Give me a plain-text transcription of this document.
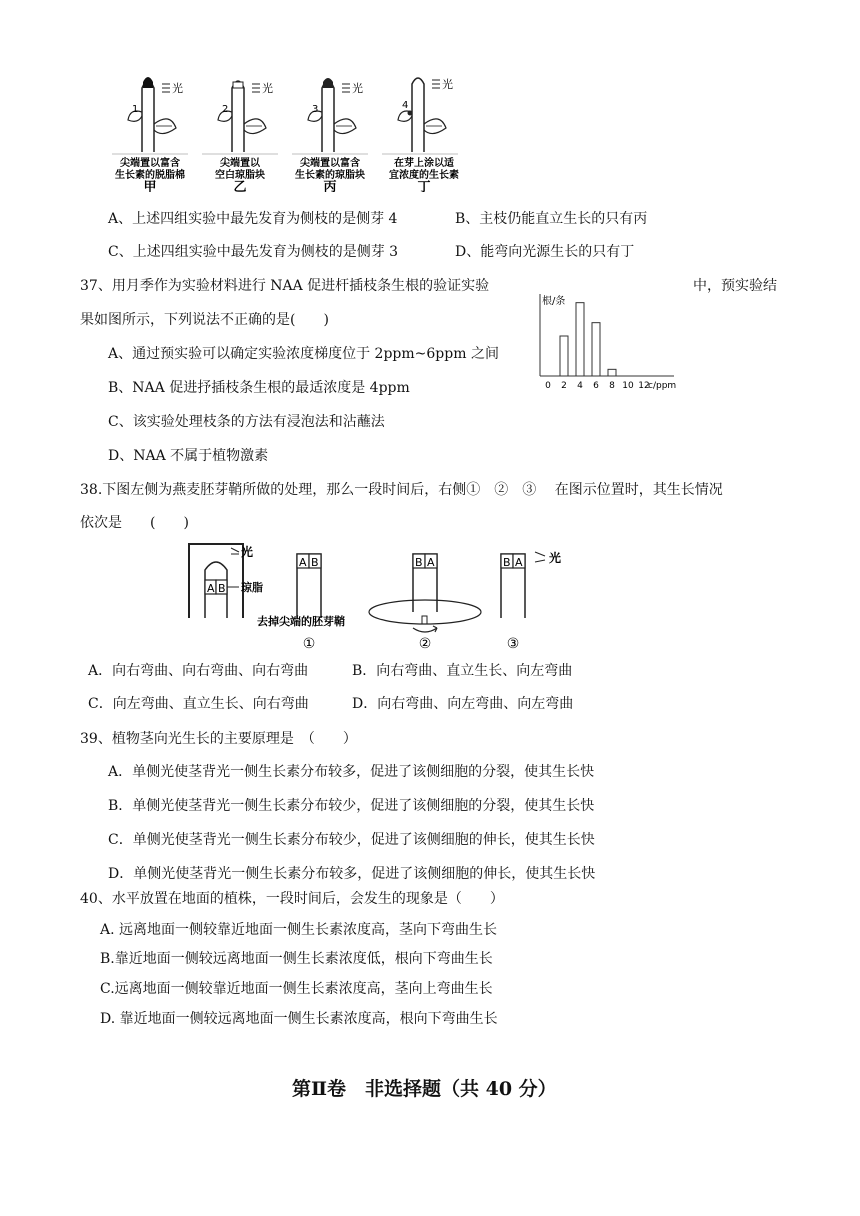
1
光
尖端置以富含
生长素的脱脂棉
甲
2
光
尖端置以
空白琼脂块
乙
3
光
尖端置以富含
生长素的琼脂块
丙
4
光
在芽上涂以适
宜浓度的生长素
丁
A、上述四组实验中最先发育为侧枝的是侧芽 4	B、主枝仍能直立生长的只有丙
C、上述四组实验中最先发育为侧枝的是侧芽 3	D、能弯向光源生长的只有丁
37、用月季作为实验材料进行 NAA 促进杆插枝条生根的验证实验	中，预实验结
果如图所示，下列说法不正确的是(　　)
A、通过预实验可以确定实验浓度梯度位于 2ppm~6ppm 之间
B、NAA 促进抒插枝条生根的最适浓度是 4ppm
C、该实验处理枝条的方法有浸泡法和沾蘸法
D、NAA 不属于植物激素
根/条
c/ppm
0 2 4 6 8 10 12
38.下图左侧为燕麦胚芽鞘所做的处理，那么一段时间后，右侧①　②　③　 在图示位置时，其生长情况
依次是　　(　　)
A B 琼脂
光
A B
去掉尖端的胚芽鞘
①
B A
②
B A 光
③
A．向右弯曲、向右弯曲、向右弯曲	B．向右弯曲、直立生长、向左弯曲
C．向左弯曲、直立生长、向右弯曲	D．向右弯曲、向左弯曲、向左弯曲
39、植物茎向光生长的主要原理是　（　　）
A．单侧光使茎背光一侧生长素分布较多，促进了该侧细胞的分裂，使其生长快
B．单侧光使茎背光一侧生长素分布较少，促进了该侧细胞的分裂，使其生长快
C．单侧光使茎背光一侧生长素分布较少，促进了该侧细胞的伸长，使其生长快
D．单侧光使茎背光一侧生长素分布较多，促进了该侧细胞的伸长，使其生长快
40、水平放置在地面的植株，一段时间后，会发生的现象是（　　）
A. 远离地面一侧较靠近地面一侧生长素浓度高，茎向下弯曲生长
B.靠近地面一侧较远离地面一侧生长素浓度低，根向下弯曲生长
C.远离地面一侧较靠近地面一侧生长素浓度高，茎向上弯曲生长
D. 靠近地面一侧较远离地面一侧生长素浓度高，根向下弯曲生长
第Ⅱ卷　非选择题（共 40 分）
